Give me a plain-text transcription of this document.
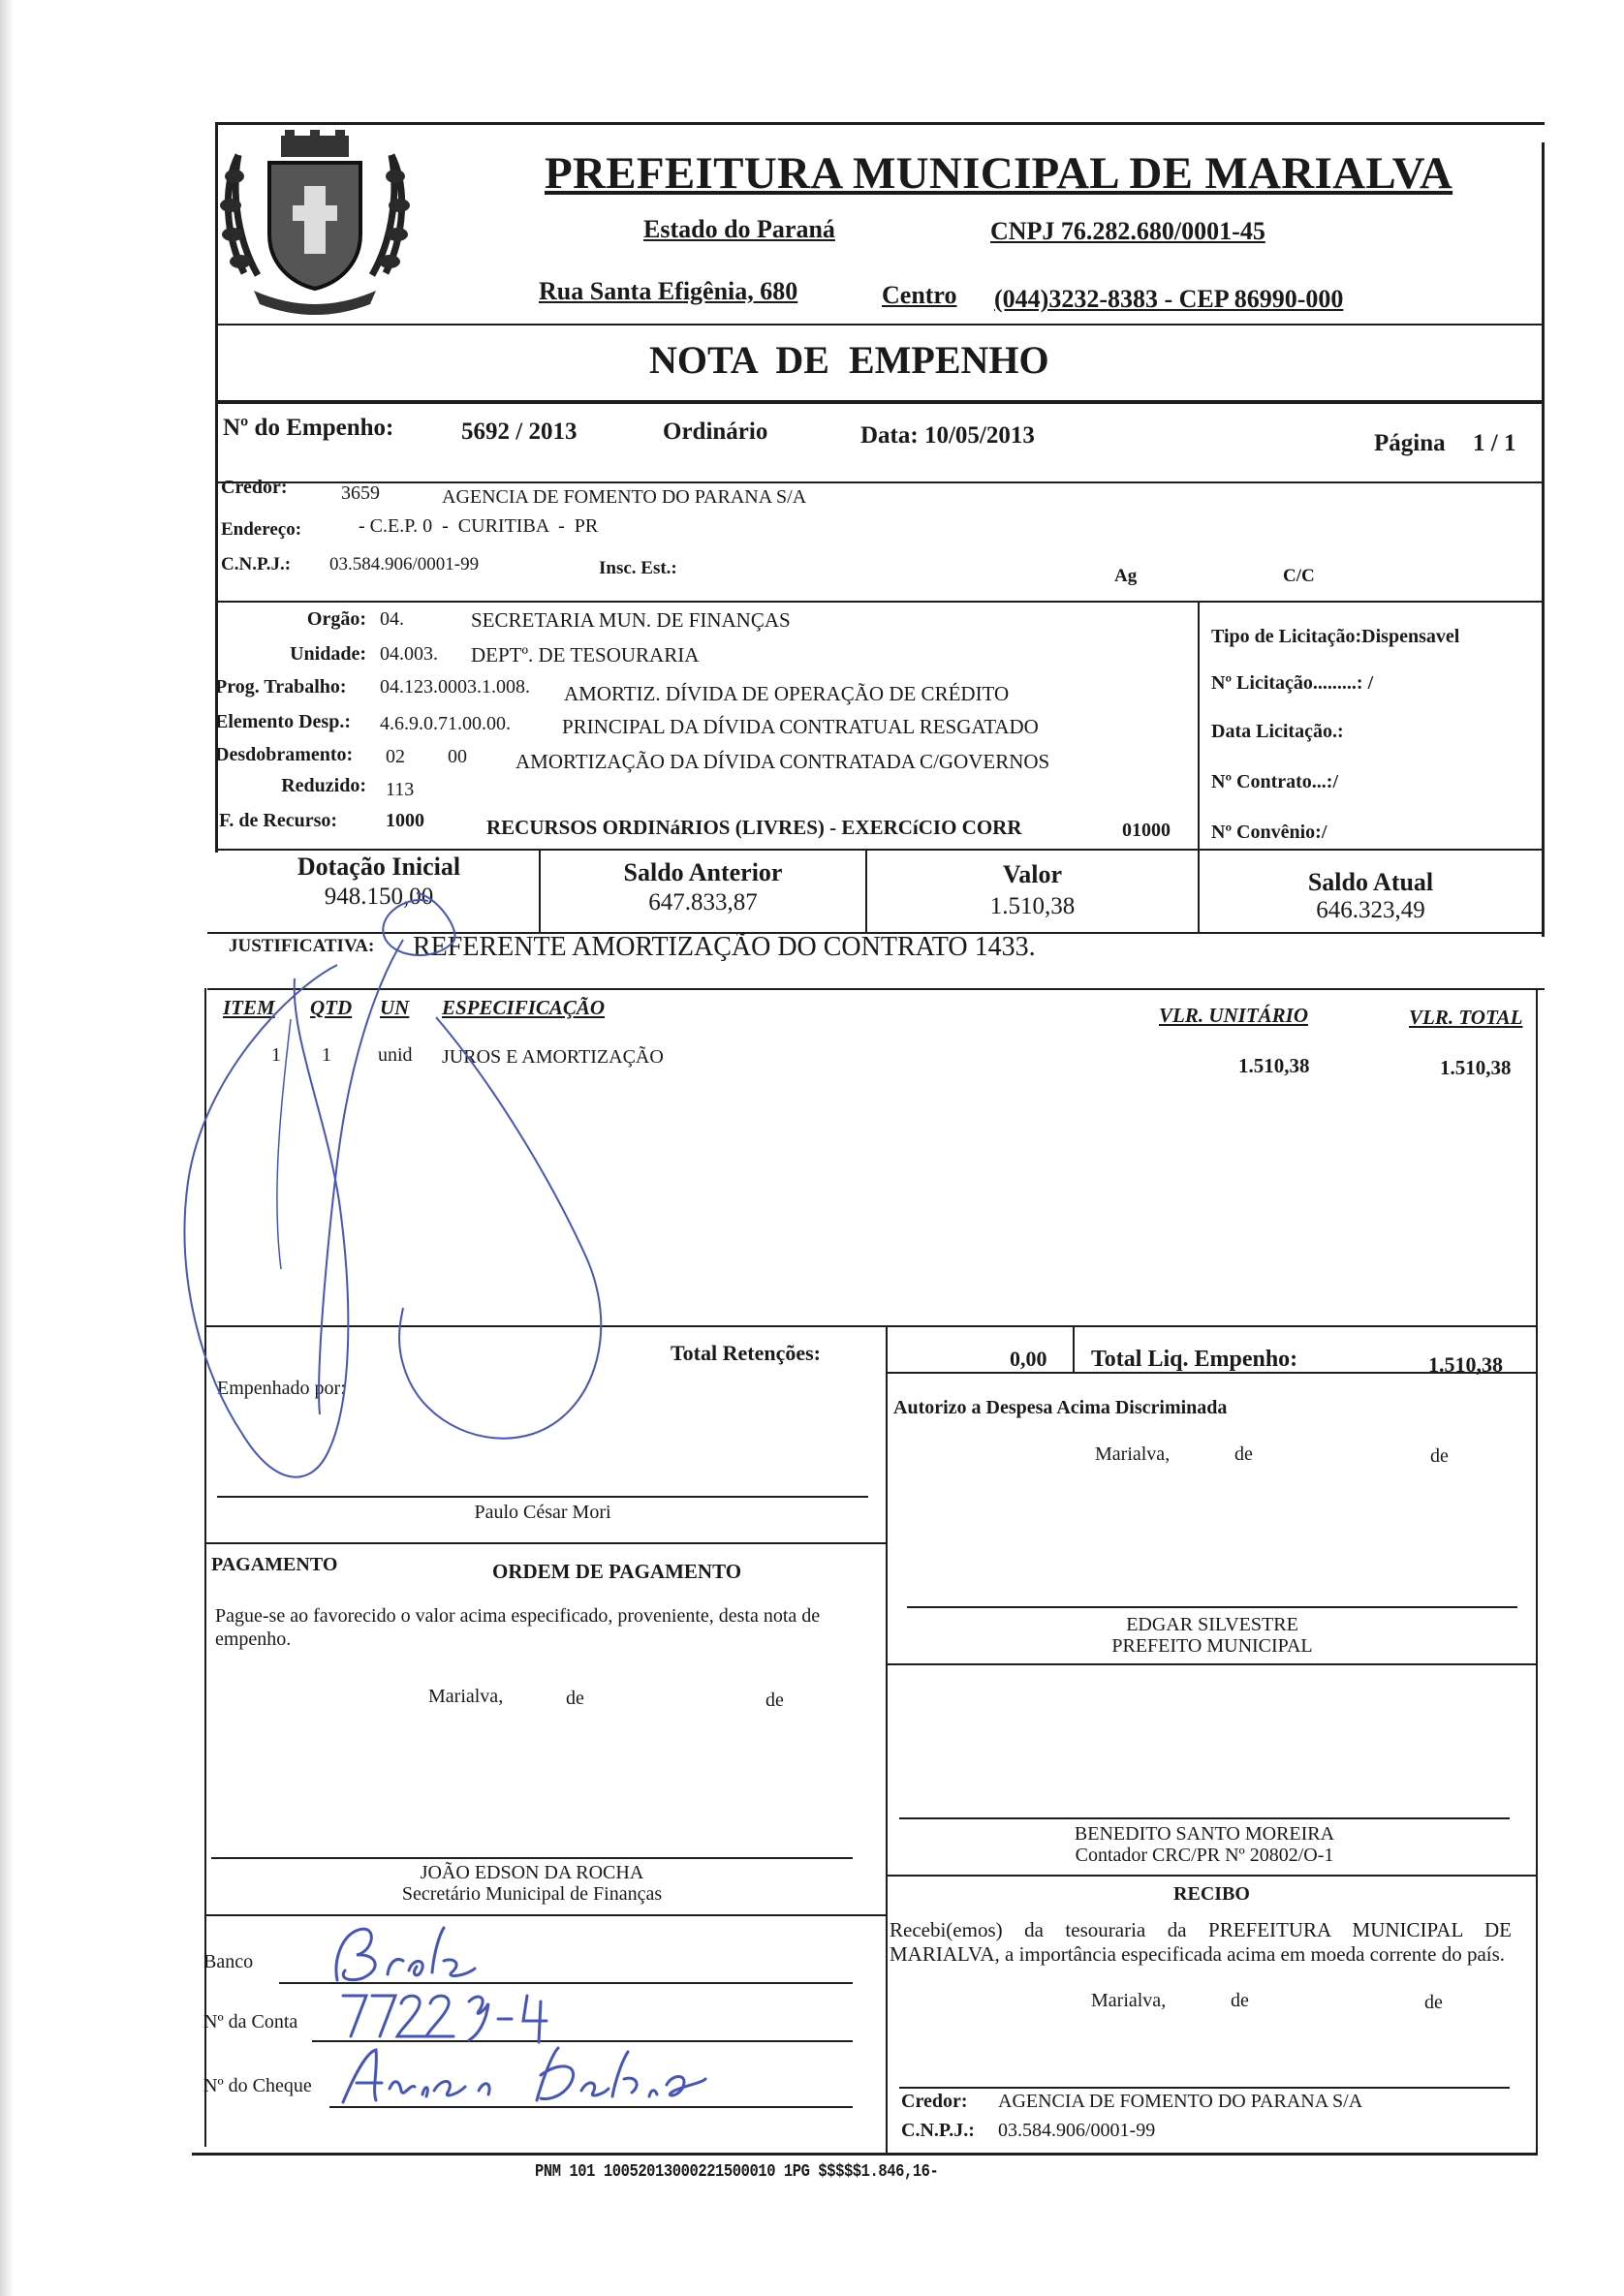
MARIALVA
PREFEITURA MUNICIPAL DE MARIALVA
Estado do Paraná	CNPJ 76.282.680/0001-45
Rua Santa Efigênia, 680	Centro (044)3232-8383 - CEP 86990-000
NOTA  DE  EMPENHO
Nº do Empenho:	5692 / 2013	Ordinário	Data: 10/05/2013	Página 1 / 1
Credor:	3659	AGENCIA DE FOMENTO DO PARANA S/A
Endereço:	- C.E.P. 0  -  CURITIBA  -  PR
C.N.P.J.: 03.584.906/0001-99	Insc. Est.:	Ag	C/C
Orgão: 04.	SECRETARIA MUN. DE FINANÇAS
Unidade: 04.003. DEPTº. DE TESOURARIA
Prog. Trabalho: 04.123.0003.1.008. AMORTIZ. DÍVIDA DE OPERAÇÃO DE CRÉDITO
Elemento Desp.: 4.6.9.0.71.00.00.	PRINCIPAL DA DÍVIDA CONTRATUAL RESGATADO
Desdobramento: 02 00 AMORTIZAÇÃO DA DÍVIDA CONTRATADA C/GOVERNOS
Reduzido: 113
F. de Recurso: 1000	RECURSOS ORDINáRIOS (LIVRES) - EXERCíCIO CORR	01000
Tipo de Licitação:Dispensavel
Nº Licitação.........: /
Data Licitação.:
Nº Contrato...:/
Nº Convênio:/
Dotação Inicial
948.150,00
Saldo Anterior
647.833,87
Valor
1.510,38
Saldo Atual
646.323,49
JUSTIFICATIVA: REFERENTE AMORTIZAÇÃO DO CONTRATO 1433.
ITEM QTD UN ESPECIFICAÇÃO	VLR. UNITÁRIO	VLR. TOTAL
1 1 unid JUROS E AMORTIZAÇÃO	1.510,38	1.510,38
Total Retenções:	0,00 Total Liq. Empenho:	1.510,38
Empenhado por:
Paulo César Mori
Autorizo a Despesa Acima Discriminada
Marialva,	de	de
EDGAR SILVESTRE
PREFEITO MUNICIPAL
PAGAMENTO	ORDEM DE PAGAMENTO
Pague-se ao favorecido o valor acima especificado, proveniente, desta nota de empenho.
Marialva,	de	de
JOÃO EDSON DA ROCHA
Secretário Municipal de Finanças
Banco
Nº da Conta
Nº do Cheque
BENEDITO SANTO MOREIRA
Contador CRC/PR Nº 20802/O-1
RECIBO
Recebi(emos) da tesouraria da PREFEITURA MUNICIPAL DE MARIALVA, a importância especificada acima em moeda corrente do país.
Marialva,	de	de
Credor: AGENCIA DE FOMENTO DO PARANA S/A
C.N.P.J.: 03.584.906/0001-99
PNM 101 10052013000221500010 1PG $$$$$1.846,16-
